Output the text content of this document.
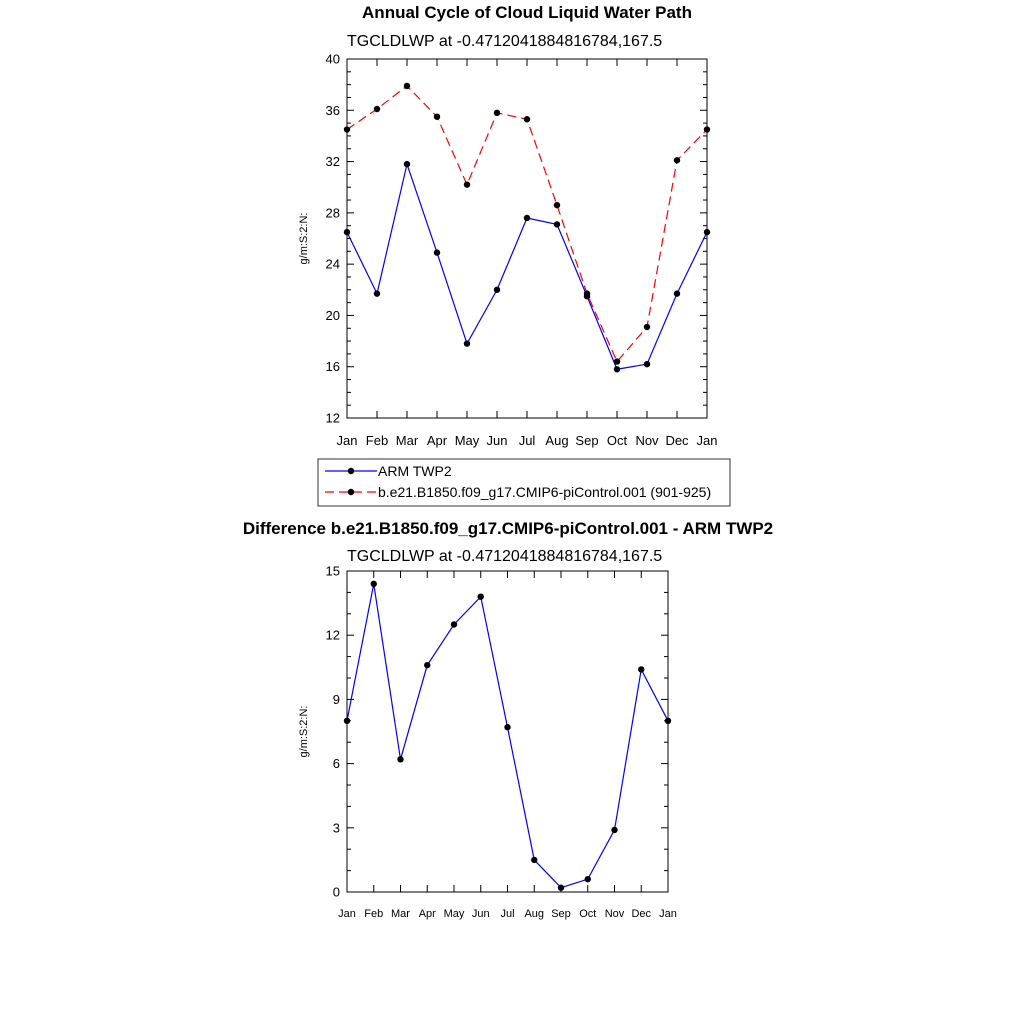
Annual Cycle of Cloud Liquid Water Path
TGCLDLWP at -0.4712041884816784,167.5
12
16
20
24
28
32
36
40
Jan Feb Mar Apr May Jun Jul Aug Sep Oct Nov Dec Jan
g/m:S:2:N:
ARM TWP2
b.e21.B1850.f09_g17.CMIP6-piControl.001 (901-925)
Difference b.e21.B1850.f09_g17.CMIP6-piControl.001 - ARM TWP2
TGCLDLWP at -0.4712041884816784,167.5
0
3
6
9
12
15
Jan Feb Mar Apr May Jun Jul Aug Sep Oct Nov Dec Jan
g/m:S:2:N:
